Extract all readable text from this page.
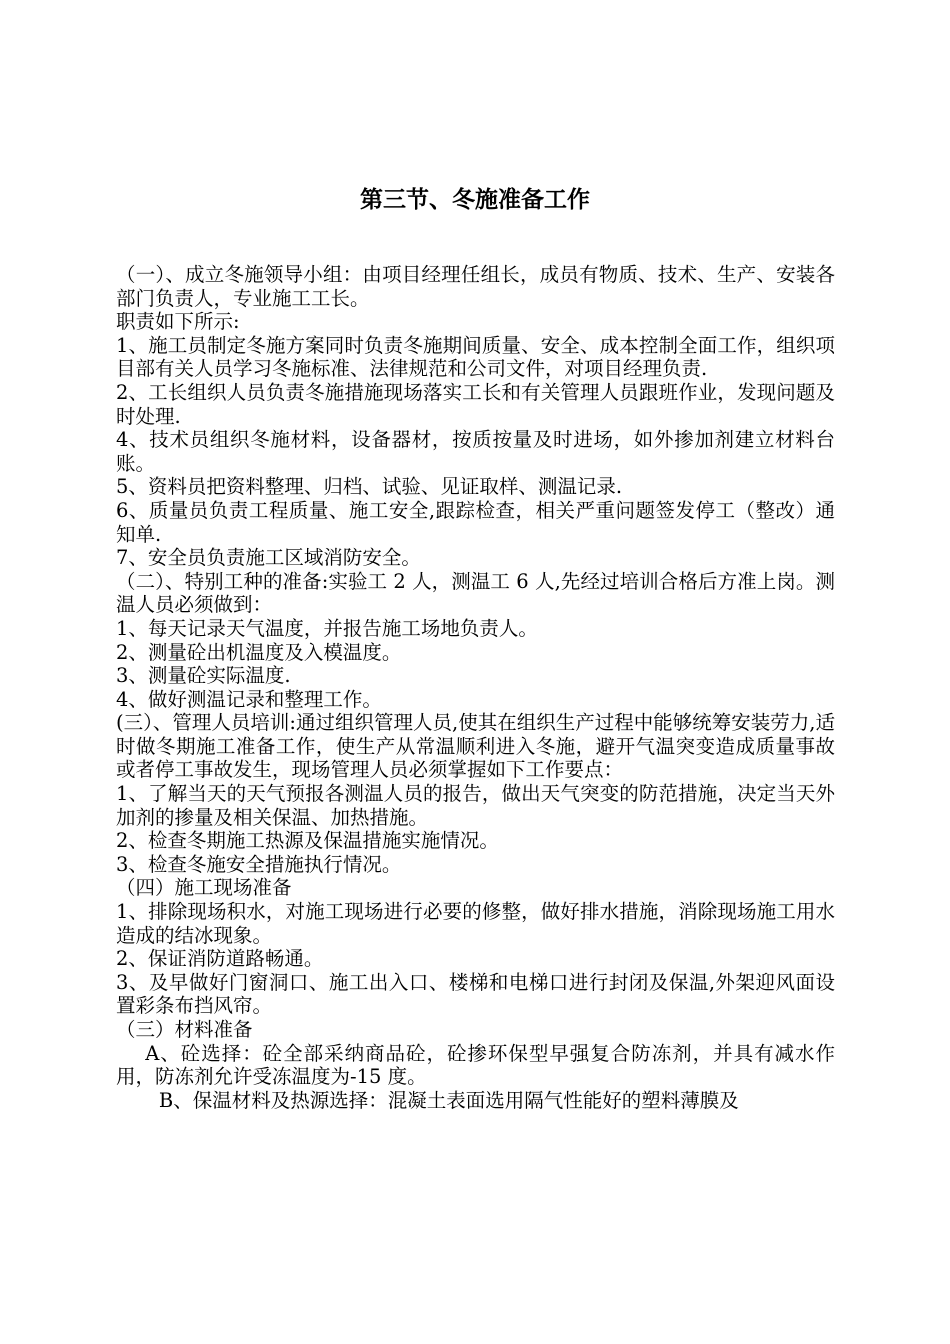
第三节、冬施准备工作

（一）、成立冬施领导小组：由项目经理任组长，成员有物质、技术、生产、安装各部门负责人，专业施工工长。

职责如下所示:

1、施工员制定冬施方案同时负责冬施期间质量、安全、成本控制全面工作，组织项目部有关人员学习冬施标准、法律规范和公司文件，对项目经理负责.

2、工长组织人员负责冬施措施现场落实工长和有关管理人员跟班作业，发现问题及时处理.

4、技术员组织冬施材料，设备器材，按质按量及时进场，如外掺加剂建立材料台账。

5、资料员把资料整理、归档、试验、见证取样、测温记录.

6、质量员负责工程质量、施工安全,跟踪检查，相关严重问题签发停工（整改）通知单.

7、安全员负责施工区域消防安全。

（二）、特别工种的准备:实验工 2 人，测温工 6 人,先经过培训合格后方准上岗。测温人员必须做到：

1、每天记录天气温度，并报告施工场地负责人。

2、测量砼出机温度及入模温度。

3、测量砼实际温度.

4、做好测温记录和整理工作。

(三）、管理人员培训:通过组织管理人员,使其在组织生产过程中能够统筹安装劳力,适时做冬期施工准备工作，使生产从常温顺利进入冬施，避开气温突变造成质量事故或者停工事故发生，现场管理人员必须掌握如下工作要点：

1、了解当天的天气预报各测温人员的报告，做出天气突变的防范措施，决定当天外加剂的掺量及相关保温、加热措施。

2、检查冬期施工热源及保温措施实施情况。

3、检查冬施安全措施执行情况。

（四）施工现场准备

1、排除现场积水，对施工现场进行必要的修整，做好排水措施，消除现场施工用水造成的结冰现象。

2、保证消防道路畅通。

3、及早做好门窗洞口、施工出入口、楼梯和电梯口进行封闭及保温,外架迎风面设置彩条布挡风帘。

（三）材料准备

A、砼选择：砼全部采纳商品砼，砼掺环保型早强复合防冻剂，并具有减水作用，防冻剂允许受冻温度为-15 度。

B、保温材料及热源选择：混凝土表面选用隔气性能好的塑料薄膜及
